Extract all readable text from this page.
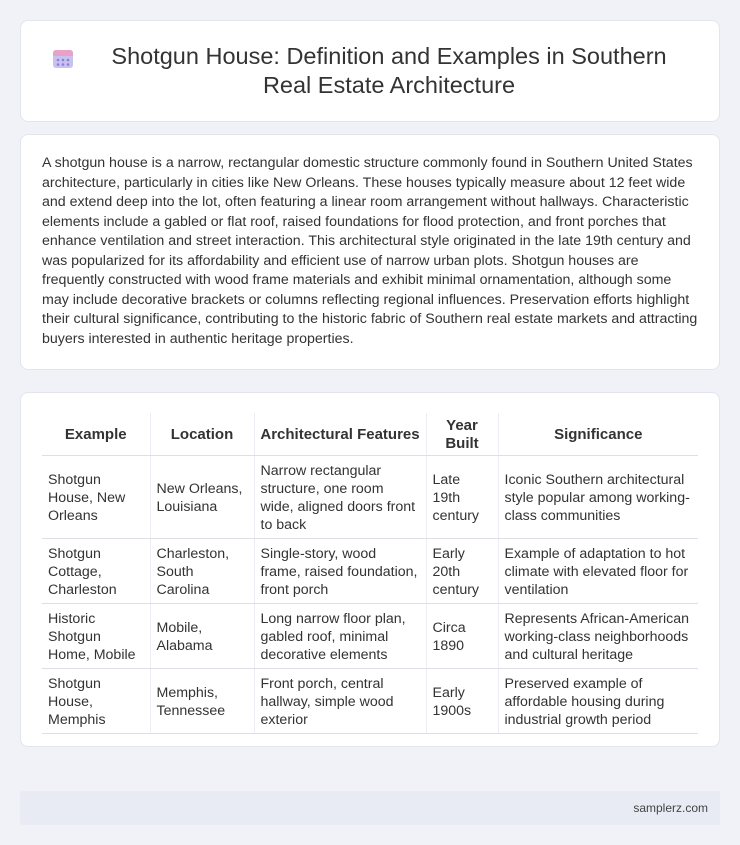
Shotgun House: Definition and Examples in Southern Real Estate Architecture

A shotgun house is a narrow, rectangular domestic structure commonly found in Southern United States architecture, particularly in cities like New Orleans. These houses typically measure about 12 feet wide and extend deep into the lot, often featuring a linear room arrangement without hallways. Characteristic elements include a gabled or flat roof, raised foundations for flood protection, and front porches that enhance ventilation and street interaction. This architectural style originated in the late 19th century and was popularized for its affordability and efficient use of narrow urban plots. Shotgun houses are frequently constructed with wood frame materials and exhibit minimal ornamentation, although some may include decorative brackets or columns reflecting regional influences. Preservation efforts highlight their cultural significance, contributing to the historic fabric of Southern real estate markets and attracting buyers interested in authentic heritage properties.

Example	Location	Architectural Features	Year Built	Significance
Shotgun House, New Orleans	New Orleans, Louisiana	Narrow rectangular structure, one room wide, aligned doors front to back	Late 19th century	Iconic Southern architectural style popular among working-class communities
Shotgun Cottage, Charleston	Charleston, South Carolina	Single-story, wood frame, raised foundation, front porch	Early 20th century	Example of adaptation to hot climate with elevated floor for ventilation
Historic Shotgun Home, Mobile	Mobile, Alabama	Long narrow floor plan, gabled roof, minimal decorative elements	Circa 1890	Represents African-American working-class neighborhoods and cultural heritage
Shotgun House, Memphis	Memphis, Tennessee	Front porch, central hallway, simple wood exterior	Early 1900s	Preserved example of affordable housing during industrial growth period
samplerz.com
